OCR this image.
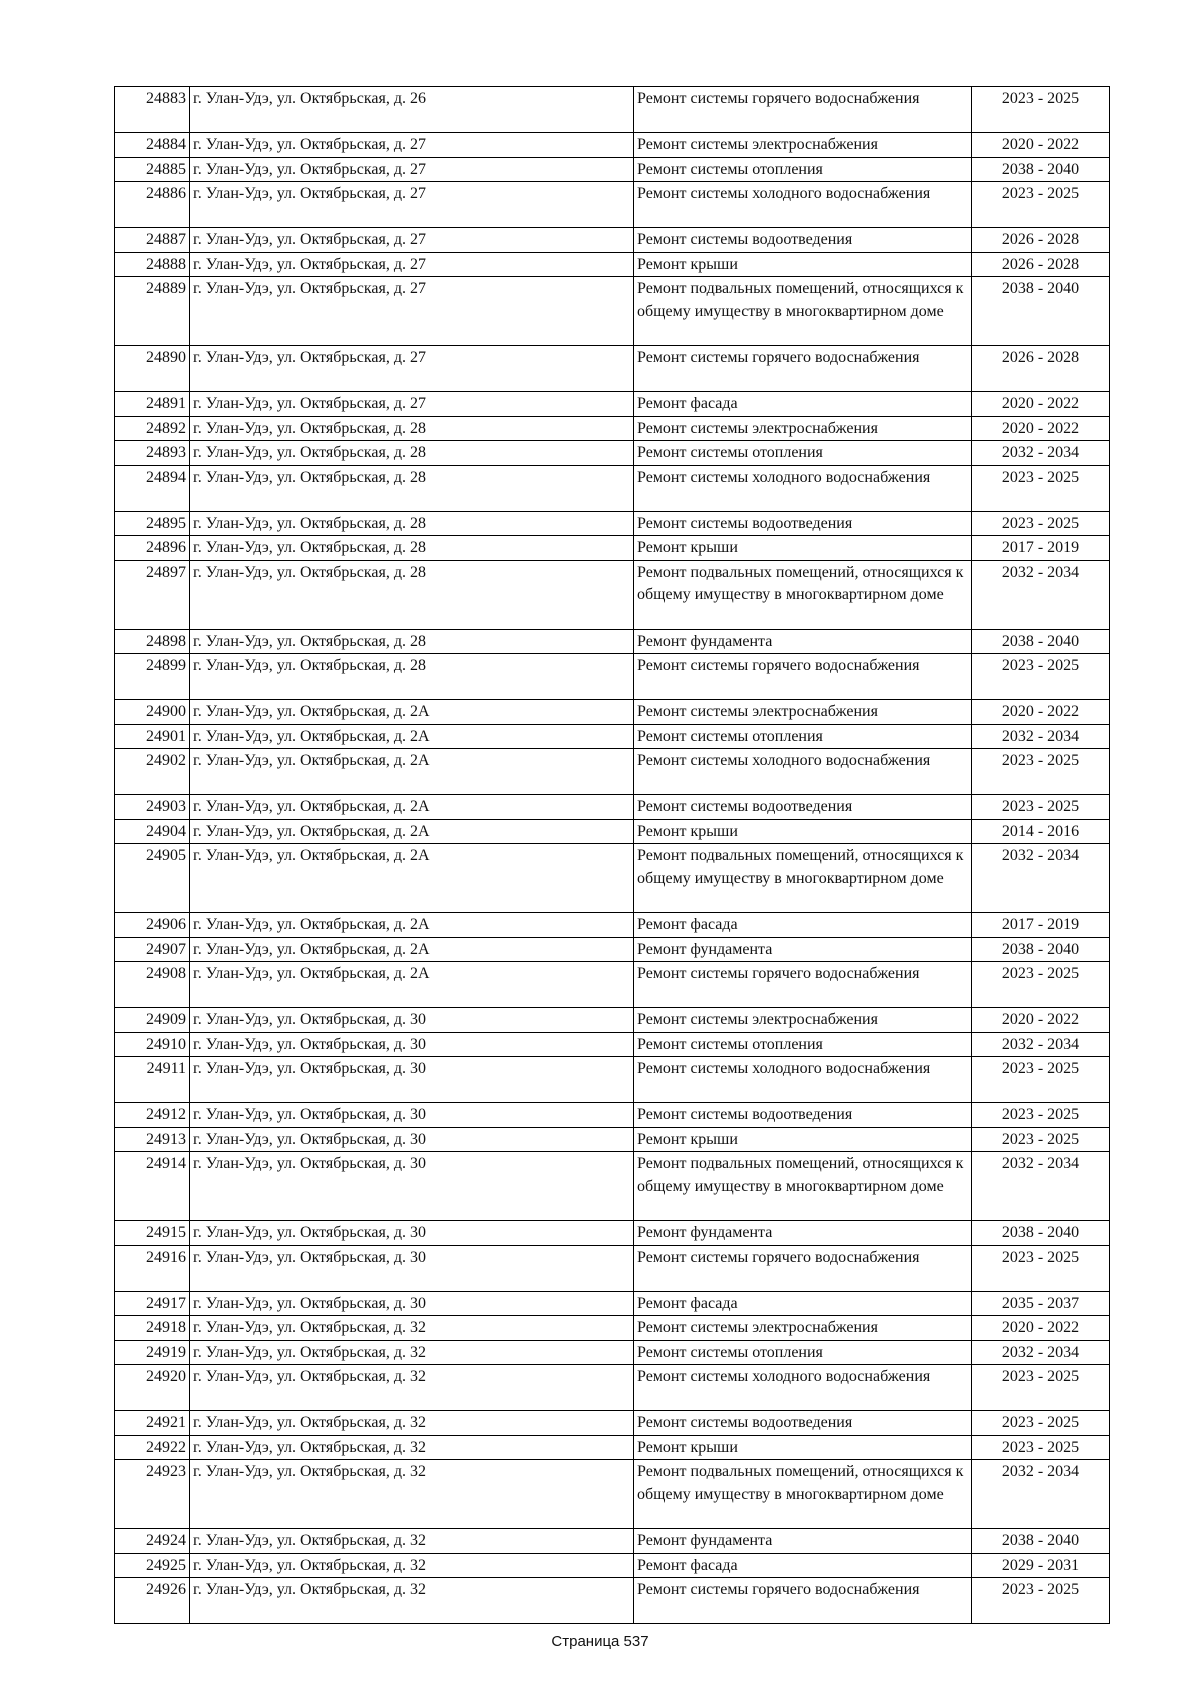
24883	г. Улан-Удэ, ул. Октябрьская, д. 26	Ремонт системы горячего водоснабжения	2023 - 2025
24884	г. Улан-Удэ, ул. Октябрьская, д. 27	Ремонт системы электроснабжения	2020 - 2022
24885	г. Улан-Удэ, ул. Октябрьская, д. 27	Ремонт системы отопления	2038 - 2040
24886	г. Улан-Удэ, ул. Октябрьская, д. 27	Ремонт системы холодного водоснабжения	2023 - 2025
24887	г. Улан-Удэ, ул. Октябрьская, д. 27	Ремонт системы водоотведения	2026 - 2028
24888	г. Улан-Удэ, ул. Октябрьская, д. 27	Ремонт крыши	2026 - 2028
24889	г. Улан-Удэ, ул. Октябрьская, д. 27	Ремонт подвальных помещений, относящихся к общему имуществу в многоквартирном доме	2038 - 2040
24890	г. Улан-Удэ, ул. Октябрьская, д. 27	Ремонт системы горячего водоснабжения	2026 - 2028
24891	г. Улан-Удэ, ул. Октябрьская, д. 27	Ремонт фасада	2020 - 2022
24892	г. Улан-Удэ, ул. Октябрьская, д. 28	Ремонт системы электроснабжения	2020 - 2022
24893	г. Улан-Удэ, ул. Октябрьская, д. 28	Ремонт системы отопления	2032 - 2034
24894	г. Улан-Удэ, ул. Октябрьская, д. 28	Ремонт системы холодного водоснабжения	2023 - 2025
24895	г. Улан-Удэ, ул. Октябрьская, д. 28	Ремонт системы водоотведения	2023 - 2025
24896	г. Улан-Удэ, ул. Октябрьская, д. 28	Ремонт крыши	2017 - 2019
24897	г. Улан-Удэ, ул. Октябрьская, д. 28	Ремонт подвальных помещений, относящихся к общему имуществу в многоквартирном доме	2032 - 2034
24898	г. Улан-Удэ, ул. Октябрьская, д. 28	Ремонт фундамента	2038 - 2040
24899	г. Улан-Удэ, ул. Октябрьская, д. 28	Ремонт системы горячего водоснабжения	2023 - 2025
24900	г. Улан-Удэ, ул. Октябрьская, д. 2А	Ремонт системы электроснабжения	2020 - 2022
24901	г. Улан-Удэ, ул. Октябрьская, д. 2А	Ремонт системы отопления	2032 - 2034
24902	г. Улан-Удэ, ул. Октябрьская, д. 2А	Ремонт системы холодного водоснабжения	2023 - 2025
24903	г. Улан-Удэ, ул. Октябрьская, д. 2А	Ремонт системы водоотведения	2023 - 2025
24904	г. Улан-Удэ, ул. Октябрьская, д. 2А	Ремонт крыши	2014 - 2016
24905	г. Улан-Удэ, ул. Октябрьская, д. 2А	Ремонт подвальных помещений, относящихся к общему имуществу в многоквартирном доме	2032 - 2034
24906	г. Улан-Удэ, ул. Октябрьская, д. 2А	Ремонт фасада	2017 - 2019
24907	г. Улан-Удэ, ул. Октябрьская, д. 2А	Ремонт фундамента	2038 - 2040
24908	г. Улан-Удэ, ул. Октябрьская, д. 2А	Ремонт системы горячего водоснабжения	2023 - 2025
24909	г. Улан-Удэ, ул. Октябрьская, д. 30	Ремонт системы электроснабжения	2020 - 2022
24910	г. Улан-Удэ, ул. Октябрьская, д. 30	Ремонт системы отопления	2032 - 2034
24911	г. Улан-Удэ, ул. Октябрьская, д. 30	Ремонт системы холодного водоснабжения	2023 - 2025
24912	г. Улан-Удэ, ул. Октябрьская, д. 30	Ремонт системы водоотведения	2023 - 2025
24913	г. Улан-Удэ, ул. Октябрьская, д. 30	Ремонт крыши	2023 - 2025
24914	г. Улан-Удэ, ул. Октябрьская, д. 30	Ремонт подвальных помещений, относящихся к общему имуществу в многоквартирном доме	2032 - 2034
24915	г. Улан-Удэ, ул. Октябрьская, д. 30	Ремонт фундамента	2038 - 2040
24916	г. Улан-Удэ, ул. Октябрьская, д. 30	Ремонт системы горячего водоснабжения	2023 - 2025
24917	г. Улан-Удэ, ул. Октябрьская, д. 30	Ремонт фасада	2035 - 2037
24918	г. Улан-Удэ, ул. Октябрьская, д. 32	Ремонт системы электроснабжения	2020 - 2022
24919	г. Улан-Удэ, ул. Октябрьская, д. 32	Ремонт системы отопления	2032 - 2034
24920	г. Улан-Удэ, ул. Октябрьская, д. 32	Ремонт системы холодного водоснабжения	2023 - 2025
24921	г. Улан-Удэ, ул. Октябрьская, д. 32	Ремонт системы водоотведения	2023 - 2025
24922	г. Улан-Удэ, ул. Октябрьская, д. 32	Ремонт крыши	2023 - 2025
24923	г. Улан-Удэ, ул. Октябрьская, д. 32	Ремонт подвальных помещений, относящихся к общему имуществу в многоквартирном доме	2032 - 2034
24924	г. Улан-Удэ, ул. Октябрьская, д. 32	Ремонт фундамента	2038 - 2040
24925	г. Улан-Удэ, ул. Октябрьская, д. 32	Ремонт фасада	2029 - 2031
24926	г. Улан-Удэ, ул. Октябрьская, д. 32	Ремонт системы горячего водоснабжения	2023 - 2025
Страница 537
